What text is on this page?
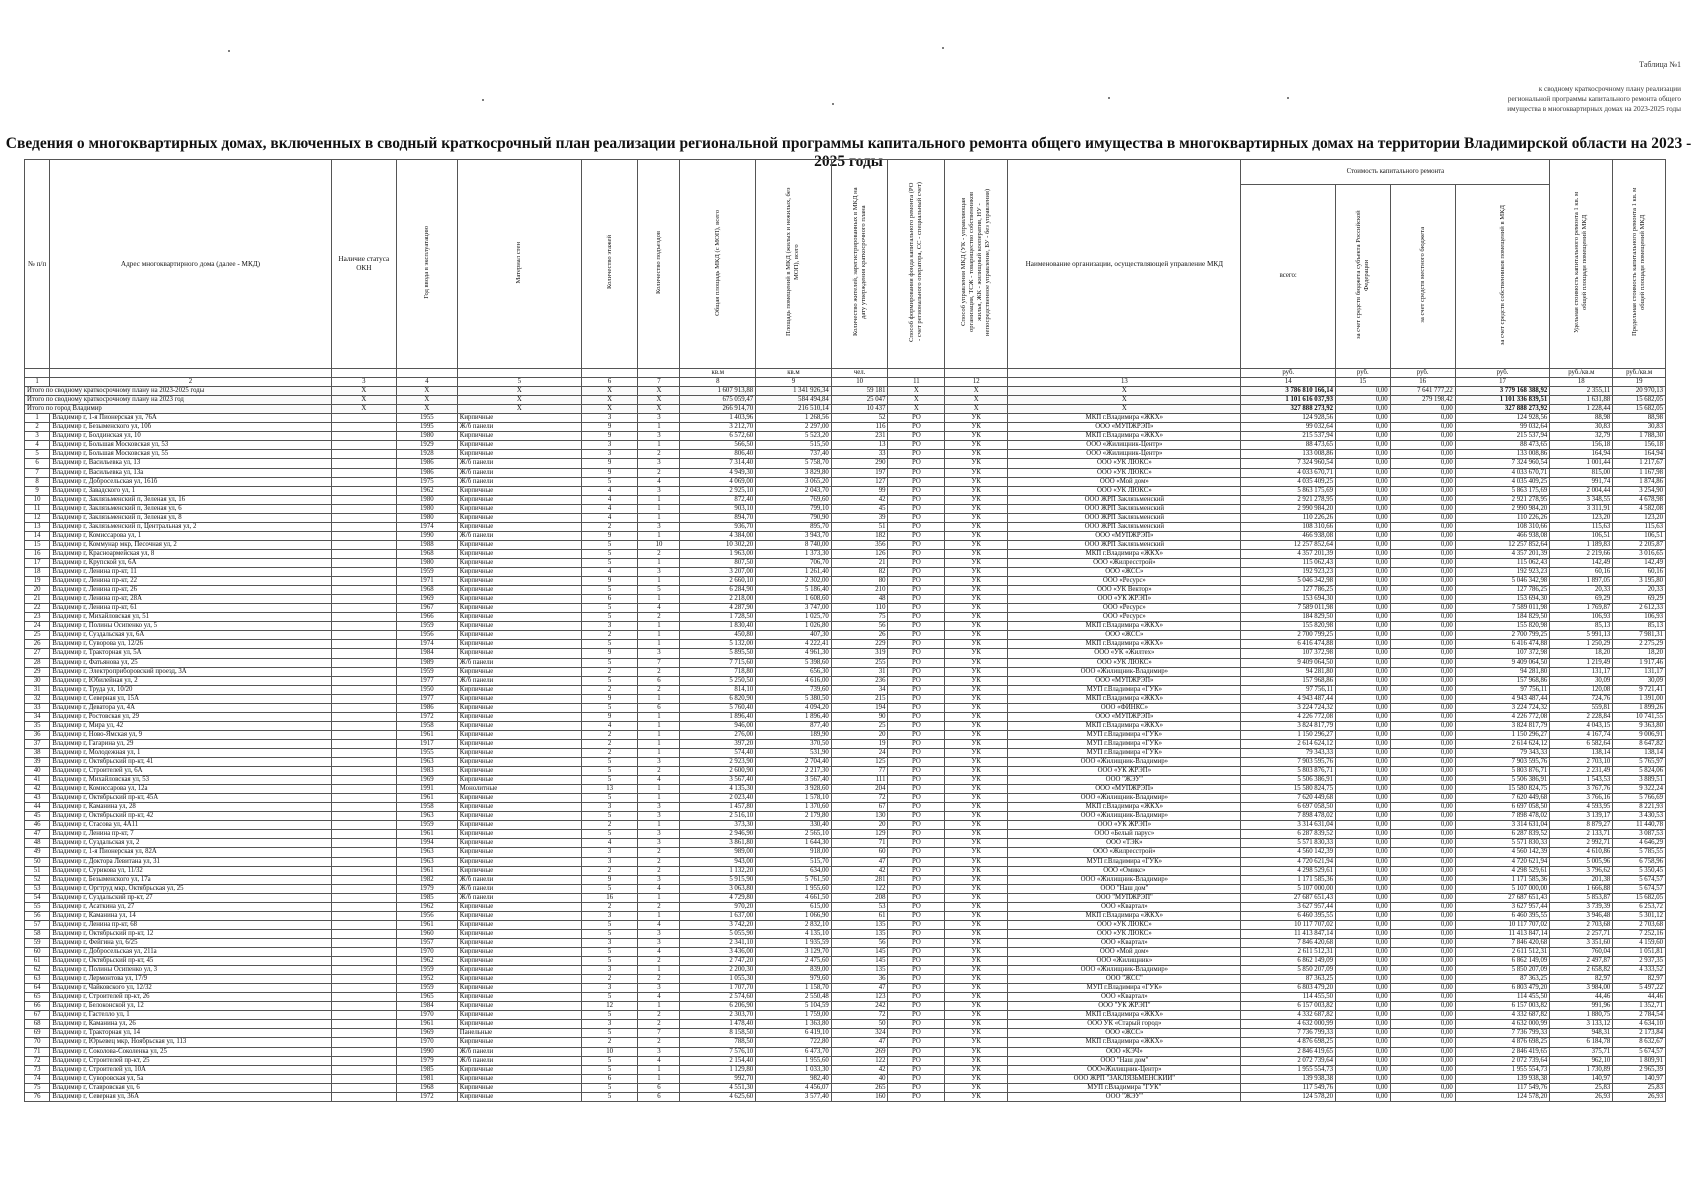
Таблица №1
к сводному краткосрочному плану реализации
региональной программы капитального ремонта общего
имущества в многоквартирных домах на 2023-2025 годы
Сведения о многоквартирных домах, включенных в сводный краткосрочный план реализации региональной программы капитального ремонта общего имущества в многоквартирных домах на территории Владимирской области на 2023 - 2025 годы
№ п/п	Адрес многоквартирного дома (далее - МКД)	Наличие статуса ОКН	Год ввода в эксплуатацию	Материал стен	Количество этажей	Количество подъездов	Общая площадь МКД (с МОП), всего	Площадь помещений в МКД (жилых и нежилых, без МОП), всего	Количество жителей, зарегистрированных в МКД на дату утверждения краткосрочного плана	Способ формирования фонда капитального ремонта (РО - счет регионального оператора, СС - специальный счет)	Способ управления МКД (УК - управляющая организация, ТСЖ - товарищество собственников жилья, ЖК - жилищный кооператив, НУ - непосредственное управление, БУ - без управления)	Наименование организации, осуществляющей управление МКД	Стоимость капитального ремонта				Удельная стоимость капитального ремонта 1 кв. м общей площади помещений МКД	Предельная стоимость капитального ремонта 1 кв. м общей площади помещений МКД
													всего:	за счет средств бюджета субъекта Российской Федерации	за счет средств местного бюджета	за счет средств собственников помещений в МКД		
							кв.м	кв.м	чел.				руб.	руб.	руб.	руб.	руб./кв.м	руб./кв.м
1	2	3	4	5	6	7	8	9	10	11	12	13	14	15	16	17	18	19
Итого по сводному краткосрочному плану на 2023-2025 годы		X	X	X	X	X	1 607 913,88	1 341 926,34	59 181	X	X	X	3 786 810 166,14	0,00	7 641 777,22	3 779 168 388,92	2 355,11	20 970,13
Итого по сводному краткосрочному плану на 2023 год		X	X	X	X	X	675 059,47	584 494,84	25 047	X	X	X	1 101 616 037,93	0,00	279 198,42	1 101 336 839,51	1 631,88	15 682,05
Итого по город Владимир		X	X	X	X	X	266 914,70	216 510,14	10 437	X	X	X	327 888 273,92	0,00	0,00	327 888 273,92	1 228,44	15 682,05
1	Владимир г, 1-я Пионерская ул, 76А		1955	Кирпичные	3	3	1 403,96	1 268,56	52	РО	УК	МКП г.Владимира «ЖКХ»	124 928,56	0,00	0,00	124 928,56	88,98	88,98
2	Владимир г, Безыменского ул, 10б		1995	Ж/б панели	9	1	3 212,70	2 297,00	116	РО	УК	ООО «МУПЖРЭП»	99 032,64	0,00	0,00	99 032,64	30,83	30,83
3	Владимир г, Болдинская ул, 10		1980	Кирпичные	9	3	6 572,60	5 523,20	231	РО	УК	МКП г.Владимира «ЖКХ»	215 537,94	0,00	0,00	215 537,94	32,79	1 788,30
4	Владимир г, Большая Московская ул, 53		1929	Кирпичные	3	1	566,50	515,50	13	РО	УК	ООО «Жилищник-Центр»	88 473,65	0,00	0,00	88 473,65	156,18	156,18
5	Владимир г, Большая Московская ул, 55		1928	Кирпичные	3	2	806,40	737,40	33	РО	УК	ООО «Жилищник-Центр»	133 008,86	0,00	0,00	133 008,86	164,94	164,94
6	Владимир г, Васильевка ул, 13		1986	Ж/б панели	9	3	7 314,40	5 758,70	290	РО	УК	ООО «УК ЛЮКС»	7 324 960,54	0,00	0,00	7 324 960,54	1 001,44	1 217,67
7	Владимир г, Васильевка ул, 13а		1986	Ж/б панели	9	2	4 949,30	3 829,80	197	РО	УК	ООО «УК ЛЮКС»	4 033 670,71	0,00	0,00	4 033 670,71	815,00	1 167,98
8	Владимир г, Добросельская ул, 161б		1975	Ж/б панели	5	4	4 069,00	3 065,20	127	РО	УК	ООО «Мой дом»	4 035 409,25	0,00	0,00	4 035 409,25	991,74	1 874,86
9	Владимир г, Завадского ул, 1		1962	Кирпичные	4	3	2 925,10	2 043,70	99	РО	УК	ООО «УК ЛЮКС»	5 863 175,69	0,00	0,00	5 863 175,69	2 004,44	3 254,90
10	Владимир г, Заклязьменский п, Зеленая ул, 16		1980	Кирпичные	4	1	872,40	769,60	42	РО	УК	ООО ЖРП Заклязьменский	2 921 278,95	0,00	0,00	2 921 278,95	3 348,55	4 678,98
11	Владимир г, Заклязьменский п, Зеленая ул, 6		1980	Кирпичные	4	1	903,10	799,10	45	РО	УК	ООО ЖРП Заклязьменский	2 990 984,20	0,00	0,00	2 990 984,20	3 311,91	4 582,08
12	Владимир г, Заклязьменский п, Зеленая ул, 8		1980	Кирпичные	4	1	894,70	790,90	39	РО	УК	ООО ЖРП Заклязьменский	110 226,26	0,00	0,00	110 226,26	123,20	123,20
13	Владимир г, Заклязьменский п, Центральная ул, 2		1974	Кирпичные	2	3	936,70	895,70	51	РО	УК	ООО ЖРП Заклязьменский	108 310,66	0,00	0,00	108 310,66	115,63	115,63
14	Владимир г, Комиссарова ул, 1		1990	Ж/б панели	9	1	4 384,00	3 943,70	182	РО	УК	ООО «МУПЖРЭП»	466 938,08	0,00	0,00	466 938,08	106,51	106,51
15	Владимир г, Коммунар мкр, Песочная ул, 2		1988	Кирпичные	5	10	10 302,20	8 740,00	356	РО	УК	ООО ЖРП Заклязьменский	12 257 852,64	0,00	0,00	12 257 852,64	1 189,83	2 205,87
16	Владимир г, Красноармейская ул, 8		1968	Кирпичные	5	2	1 963,00	1 373,30	126	РО	УК	МКП г.Владимира «ЖКХ»	4 357 201,39	0,00	0,00	4 357 201,39	2 219,66	3 016,65
17	Владимир г, Крупской ул, 6А		1980	Кирпичные	5	1	807,50	706,70	21	РО	УК	ООО «Жилресстрой»	115 062,43	0,00	0,00	115 062,43	142,49	142,49
18	Владимир г, Ленина пр-кт, 11		1959	Кирпичные	4	3	3 207,00	1 261,40	82	РО	УК	ООО «ЖСС»	192 923,23	0,00	0,00	192 923,23	60,16	60,16
19	Владимир г, Ленина пр-кт, 22		1971	Кирпичные	9	1	2 660,10	2 302,00	80	РО	УК	ООО «Ресурс»	5 046 342,98	0,00	0,00	5 046 342,98	1 897,05	3 195,80
20	Владимир г, Ленина пр-кт, 26		1968	Кирпичные	5	5	6 284,90	5 186,40	210	РО	УК	ООО «УК Вектор»	127 786,25	0,00	0,00	127 786,25	20,33	20,33
21	Владимир г, Ленина пр-кт, 28А		1969	Кирпичные	6	1	2 218,00	1 608,60	48	РО	УК	ООО «УК ЖРЭП»	153 694,30	0,00	0,00	153 694,30	69,29	69,29
22	Владимир г, Ленина пр-кт, 61		1967	Кирпичные	5	4	4 287,90	3 747,00	110	РО	УК	ООО «Ресурс»	7 589 011,98	0,00	0,00	7 589 011,98	1 769,87	2 612,33
23	Владимир г, Михайловская ул, 51		1966	Кирпичные	5	2	1 728,50	1 025,70	75	РО	УК	ООО «Ресурс»	184 829,50	0,00	0,00	184 829,50	106,93	106,93
24	Владимир г, Полины Осипенко ул, 5		1959	Кирпичные	3	1	1 830,40	1 026,80	56	РО	УК	МКП г.Владимира «ЖКХ»	155 820,98	0,00	0,00	155 820,98	85,13	85,13
25	Владимир г, Суздальская ул, 6А		1956	Кирпичные	2	1	450,80	407,30	26	РО	УК	ООО «ЖСС»	2 700 799,25	0,00	0,00	2 700 799,25	5 991,13	7 981,31
26	Владимир г, Суворова ул, 12/26		1974	Кирпичные	5	1	5 132,00	4 222,41	229	РО	УК	МКП г.Владимира «ЖКХ»	6 416 474,88	0,00	0,00	6 416 474,88	1 250,29	2 275,29
27	Владимир г, Тракторная ул, 5А		1984	Кирпичные	9	3	5 895,50	4 961,30	319	РО	УК	ООО «УК «Жилтех»	107 372,98	0,00	0,00	107 372,98	18,20	18,20
28	Владимир г, Фатьянова ул, 25		1989	Ж/б панели	5	7	7 715,60	5 398,60	255	РО	УК	ООО «УК ЛЮКС»	9 409 064,50	0,00	0,00	9 409 064,50	1 219,49	1 917,46
29	Владимир г, Электроприборовский проезд, 3А		1959	Кирпичные	2	2	718,80	656,30	31	РО	УК	ООО «Жилищник-Владимир»	94 281,80	0,00	0,00	94 281,80	131,17	131,17
30	Владимир г, Юбилейная ул, 2		1977	Ж/б панели	5	6	5 250,50	4 616,00	236	РО	УК	ООО «МУПЖРЭП»	157 968,86	0,00	0,00	157 968,86	30,09	30,09
31	Владимир г, Труда ул, 10/20		1950	Кирпичные	2	2	814,10	739,60	34	РО	УК	МУП г.Владимира «ГУК»	97 756,11	0,00	0,00	97 756,11	120,08	9 721,41
32	Владимир г, Северная ул, 15А		1977	Кирпичные	9	1	6 820,90	5 380,50	215	РО	УК	МКП г.Владимира «ЖКХ»	4 943 487,44	0,00	0,00	4 943 487,44	724,76	1 391,00
33	Владимир г, Деватора ул, 4А		1986	Кирпичные	5	6	5 760,40	4 094,20	194	РО	УК	ООО «ФИНКС»	3 224 724,32	0,00	0,00	3 224 724,32	559,81	1 899,26
34	Владимир г, Ростовская ул, 29		1972	Кирпичные	9	1	1 896,40	1 896,40	90	РО	УК	ООО «МУПЖРЭП»	4 226 772,08	0,00	0,00	4 226 772,08	2 228,84	10 741,55
35	Владимир г, Мира ул, 42		1958	Кирпичные	4	1	946,00	877,40	25	РО	УК	МКП г.Владимира «ЖКХ»	3 824 817,79	0,00	0,00	3 824 817,79	4 043,15	9 363,80
36	Владимир г, Ново-Ямская ул, 9		1961	Кирпичные	2	1	276,00	189,90	20	РО	УК	МУП г.Владимира «ГУК»	1 150 296,27	0,00	0,00	1 150 296,27	4 167,74	9 006,91
37	Владимир г, Гагарина ул, 29		1917	Кирпичные	2	1	397,20	370,50	19	РО	УК	МУП г.Владимира «ГУК»	2 614 624,12	0,00	0,00	2 614 624,12	6 582,64	8 647,82
38	Владимир г, Молодежная ул, 1		1955	Кирпичные	2	1	574,40	531,90	24	РО	УК	МУП г.Владимира «ГУК»	79 343,33	0,00	0,00	79 343,33	138,14	138,14
39	Владимир г, Октябрьский пр-кт, 41		1963	Кирпичные	5	3	2 923,90	2 704,40	125	РО	УК	ООО «Жилищник-Владимир»	7 903 595,76	0,00	0,00	7 903 595,76	2 703,10	5 765,97
40	Владимир г, Строителей ул, 6А		1983	Кирпичные	5	2	2 600,90	2 217,30	77	РО	УК	ООО «УК ЖРЭП»	5 803 876,71	0,00	0,00	5 803 876,71	2 231,49	5 824,06
41	Владимир г, Михайловская ул, 53		1969	Кирпичные	5	4	3 567,40	3 567,40	111	РО	УК	ООО "ЖЭУ"	5 506 386,91	0,00	0,00	5 506 386,91	1 543,53	3 889,51
42	Владимир г, Комиссарова ул, 12а		1991	Монолитные	13	1	4 135,30	3 928,60	204	РО	УК	ООО «МУПЖРЭП»	15 580 824,75	0,00	0,00	15 580 824,75	3 767,76	9 322,24
43	Владимир г, Октябрьский пр-кт, 45А		1961	Кирпичные	5	1	2 023,40	1 578,10	72	РО	УК	ООО «Жилищник-Владимир»	7 620 449,68	0,00	0,00	7 620 449,68	3 766,16	5 766,69
44	Владимир г, Каманина ул, 28		1958	Кирпичные	3	3	1 457,80	1 370,60	67	РО	УК	МКП г.Владимира «ЖКХ»	6 697 058,50	0,00	0,00	6 697 058,50	4 593,95	8 221,93
45	Владимир г, Октябрьский пр-кт, 42		1963	Кирпичные	5	3	2 516,10	2 179,80	130	РО	УК	ООО «Жилищник-Владимир»	7 898 478,02	0,00	0,00	7 898 478,02	3 139,17	3 430,53
46	Владимир г, Стасова ул, 4А11		1959	Кирпичные	2	1	373,30	330,40	20	РО	УК	ООО «УК ЖРЭП»	3 314 631,04	0,00	0,00	3 314 631,04	8 879,27	11 440,78
47	Владимир г, Ленина пр-кт, 7		1961	Кирпичные	5	3	2 946,90	2 565,10	129	РО	УК	ООО «Белый парус»	6 287 839,52	0,00	0,00	6 287 839,52	2 133,71	3 087,53
48	Владимир г, Суздальская ул, 2		1994	Кирпичные	4	3	3 861,80	1 644,30	71	РО	УК	ООО «ТЭК»	5 571 830,33	0,00	0,00	5 571 830,33	2 992,71	4 646,29
49	Владимир г, 1-я Пионерская ул, 82А		1963	Кирпичные	3	2	989,00	918,00	60	РО	УК	ООО «Жилресстрой»	4 560 142,39	0,00	0,00	4 560 142,39	4 610,86	5 785,55
50	Владимир г, Доктора Левитана ул, 31		1963	Кирпичные	3	2	943,00	515,70	47	РО	УК	МУП г.Владимира «ГУК»	4 720 621,94	0,00	0,00	4 720 621,94	5 005,96	6 758,96
51	Владимир г, Сурикова ул, 11/32		1961	Кирпичные	2	2	1 132,20	634,00	42	РО	УК	ООО «Омикс»	4 298 529,61	0,00	0,00	4 298 529,61	3 796,62	5 350,45
52	Владимир г, Безыменского ул, 17а		1982	Ж/б панели	9	3	5 915,90	5 761,50	281	РО	УК	ООО «Жилищник-Владимир»	1 171 585,36	0,00	0,00	1 171 585,36	201,38	5 674,57
53	Владимир г, Оргтруд мкр, Октябрьская ул, 25		1979	Ж/б панели	5	4	3 063,80	1 955,60	122	РО	УК	ООО "Наш дом"	5 107 000,00	0,00	0,00	5 107 000,00	1 666,88	5 674,57
54	Владимир г, Суздальский пр-кт, 27		1985	Ж/б панели	16	1	4 729,80	4 661,50	208	РО	УК	ООО "МУПЖРЭП"	27 687 651,43	0,00	0,00	27 687 651,43	5 853,87	15 682,05
55	Владимир г, Асаткина ул, 27		1962	Кирпичные	2	2	970,20	615,00	53	РО	УК	ООО «Квартал»	3 627 957,44	0,00	0,00	3 627 957,44	3 739,39	6 253,72
56	Владимир г, Каманина ул, 14		1956	Кирпичные	3	1	1 637,00	1 066,90	61	РО	УК	МКП г.Владимира «ЖКХ»	6 460 395,55	0,00	0,00	6 460 395,55	3 946,48	5 301,12
57	Владимир г, Ленина пр-кт, 68		1961	Кирпичные	5	4	3 742,20	2 832,10	135	РО	УК	ООО «УК ЛЮКС»	10 117 707,02	0,00	0,00	10 117 707,02	2 703,68	2 703,68
58	Владимир г, Октябрьский пр-кт, 12		1960	Кирпичные	5	3	5 055,90	4 135,10	135	РО	УК	ООО «УК ЛЮКС»	11 413 847,14	0,00	0,00	11 413 847,14	2 257,71	7 252,16
59	Владимир г, Фейгина ул, 6/25		1957	Кирпичные	3	3	2 341,10	1 935,59	56	РО	УК	ООО «Квартал»	7 846 420,68	0,00	0,00	7 846 420,68	3 351,60	4 159,60
60	Владимир г, Добросельская ул, 211а		1970	Кирпичные	5	4	3 436,00	3 129,70	145	РО	УК	ООО «Мой дом»	2 611 512,31	0,00	0,00	2 611 512,31	760,04	1 051,81
61	Владимир г, Октябрьский пр-кт, 45		1962	Кирпичные	5	2	2 747,20	2 475,60	145	РО	УК	ООО «Жилищник»	6 862 149,09	0,00	0,00	6 862 149,09	2 497,87	2 937,35
62	Владимир г, Полины Осипенко ул, 3		1959	Кирпичные	3	1	2 200,30	839,00	135	РО	УК	ООО «Жилищник-Владимир»	5 850 207,09	0,00	0,00	5 850 207,09	2 658,82	4 333,52
63	Владимир г, Лермонтова ул, 17/9		1952	Кирпичные	2	2	1 055,30	979,60	36	РО	УК	ООО "ЖСС"	87 363,25	0,00	0,00	87 363,25	82,97	82,97
64	Владимир г, Чайковского ул, 12/32		1959	Кирпичные	3	3	1 707,70	1 158,70	47	РО	УК	МУП г.Владимира «ГУК»	6 803 479,20	0,00	0,00	6 803 479,20	3 984,00	5 497,22
65	Владимир г, Строителей пр-кт, 26		1965	Кирпичные	5	4	2 574,60	2 550,48	123	РО	УК	ООО «Квартал»	114 455,50	0,00	0,00	114 455,50	44,46	44,46
66	Владимир г, Белоконской ул, 12		1984	Кирпичные	12	1	6 206,90	5 104,59	242	РО	УК	ООО "УК ЖРЭП"	6 157 003,82	0,00	0,00	6 157 003,82	991,96	1 352,71
67	Владимир г, Гастелло ул, 1		1970	Кирпичные	5	2	2 303,70	1 759,00	72	РО	УК	МКП г.Владимира «ЖКХ»	4 332 687,82	0,00	0,00	4 332 687,82	1 880,75	2 784,54
68	Владимир г, Каманина ул, 26		1961	Кирпичные	3	2	1 478,40	1 363,80	50	РО	УК	ООО УК «Старый город»	4 632 000,99	0,00	0,00	4 632 000,99	3 133,12	4 634,10
69	Владимир г, Тракторная ул, 14		1969	Панельные	5	7	8 158,50	6 419,10	324	РО	УК	ООО «ЖСС»	7 736 799,33	0,00	0,00	7 736 799,33	948,31	2 173,84
70	Владимир г, Юрьевец мкр, Ноябрьская ул, 113		1970	Кирпичные	2	2	788,50	722,80	47	РО	УК	МКП г.Владимира «ЖКХ»	4 876 698,25	0,00	0,00	4 876 698,25	6 184,78	8 632,67
71	Владимир г, Соколова-Соколенка ул, 25		1990	Ж/б панели	10	3	7 576,10	6 473,70	269	РО	УК	ООО «КЭЧ»	2 846 419,65	0,00	0,00	2 846 419,65	375,71	5 674,57
72	Владимир г, Строителей пр-кт, 25		1979	Ж/б панели	5	4	2 154,40	1 955,60	122	РО	УК	ООО "Наш дом"	2 072 739,64	0,00	0,00	2 072 739,64	962,10	1 809,91
73	Владимир г, Строителей ул, 10А		1985	Кирпичные	5	1	1 129,80	1 033,30	42	РО	УК	ООО«Жилищник-Центр»	1 955 554,73	0,00	0,00	1 955 554,73	1 730,89	2 965,39
74	Владимир г, Суворовская ул, 5а		1981	Кирпичные	6	1	992,70	982,40	40	РО	УК	ООО ЖРП "ЗАКЛЯЗЬМЕНСКИЙ"	139 938,38	0,00	0,00	139 938,38	140,97	140,97
75	Владимир г, Ставровская ул, 6		1968	Кирпичные	5	6	4 551,30	4 456,07	265	РО	УК	МУП г.Владимира "ГУК"	117 549,76	0,00	0,00	117 549,76	25,83	25,83
76	Владимир г, Северная ул, 36А		1972	Кирпичные	5	6	4 625,60	3 577,40	160	РО	УК	ООО "ЖЭУ"	124 578,20	0,00	0,00	124 578,20	26,93	26,93
